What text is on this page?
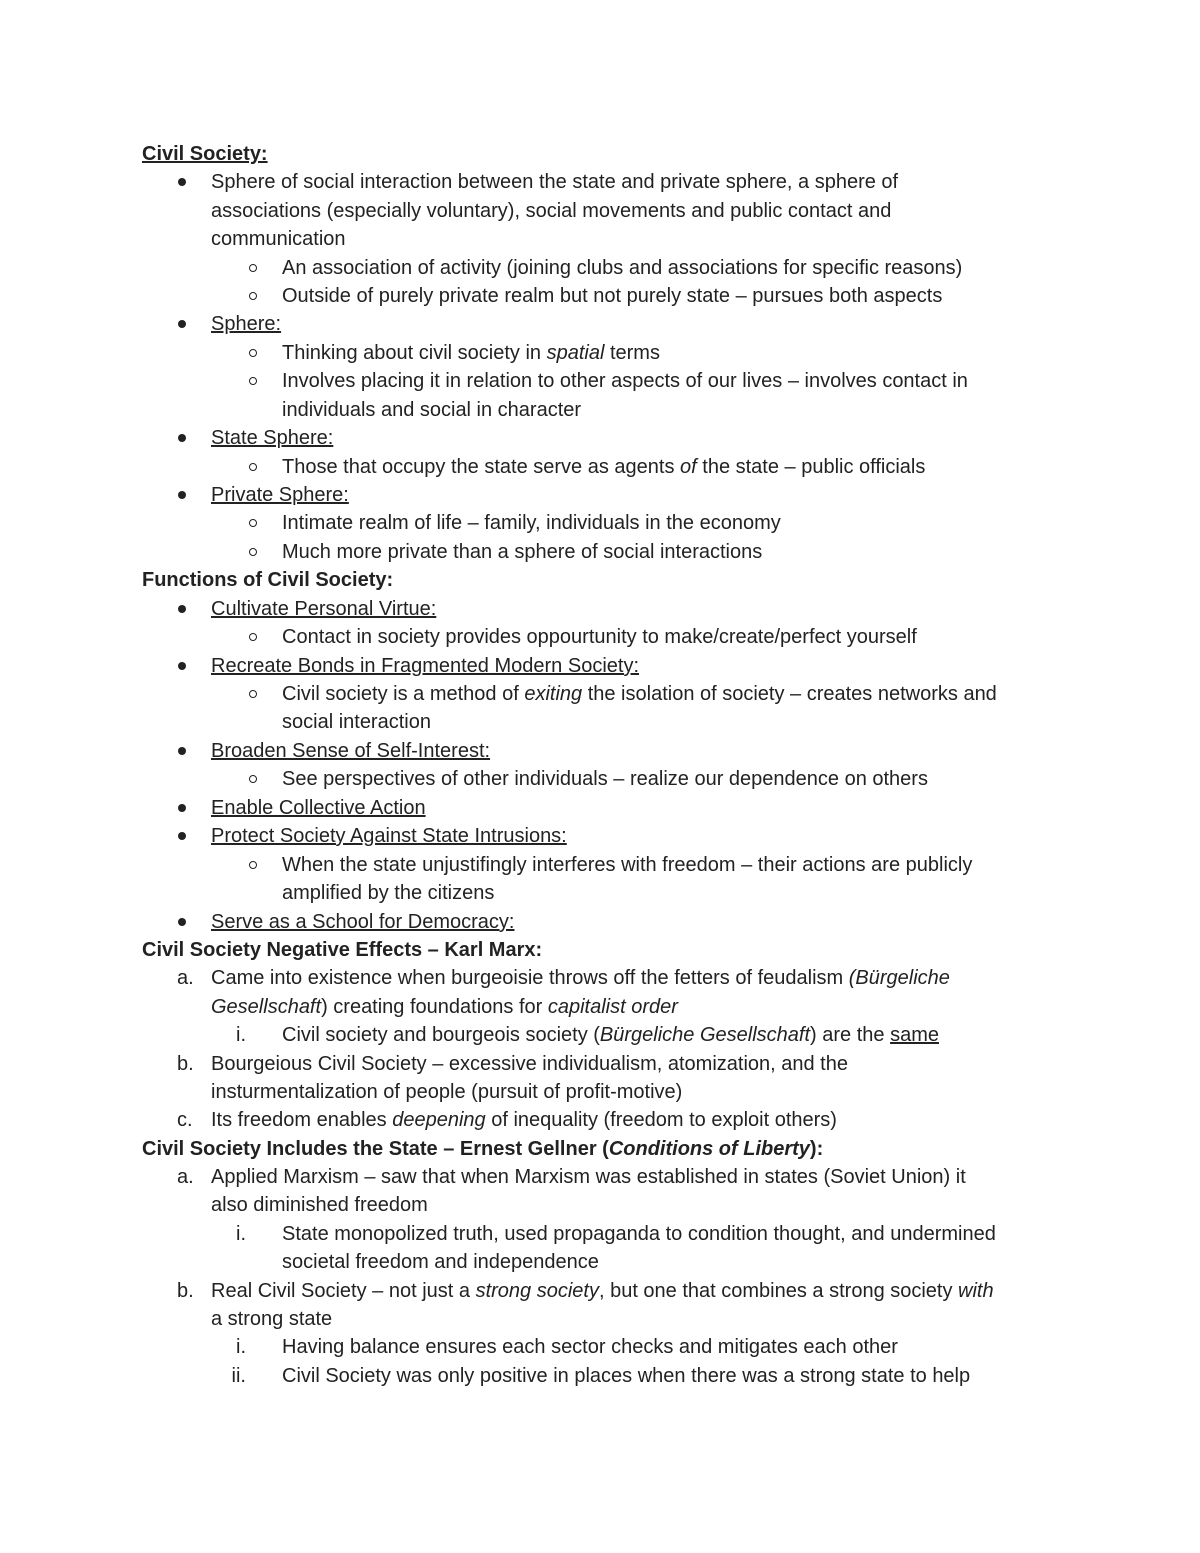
Civil Society:
Sphere of social interaction between the state and private sphere, a sphere of
associations (especially voluntary), social movements and public contact and
communication
An association of activity (joining clubs and associations for specific reasons)
Outside of purely private realm but not purely state – pursues both aspects
Sphere:
Thinking about civil society in spatial terms
Involves placing it in relation to other aspects of our lives – involves contact in
individuals and social in character
State Sphere:
Those that occupy the state serve as agents of the state – public officials
Private Sphere:
Intimate realm of life – family, individuals in the economy
Much more private than a sphere of social interactions
Functions of Civil Society:
Cultivate Personal Virtue:
Contact in society provides oppourtunity to make/create/perfect yourself
Recreate Bonds in Fragmented Modern Society:
Civil society is a method of exiting the isolation of society – creates networks and
social interaction
Broaden Sense of Self-Interest:
See perspectives of other individuals – realize our dependence on others
Enable Collective Action
Protect Society Against State Intrusions:
When the state unjustifingly interferes with freedom – their actions are publicly
amplified by the citizens
Serve as a School for Democracy:
Civil Society Negative Effects – Karl Marx:
a. Came into existence when burgeoisie throws off the fetters of feudalism (Bürgeliche
Gesellschaft) creating foundations for capitalist order
i. Civil society and bourgeois society (Bürgeliche Gesellschaft) are the same
b. Bourgeious Civil Society – excessive individualism, atomization, and the
insturmentalization of people (pursuit of profit-motive)
c. Its freedom enables deepening of inequality (freedom to exploit others)
Civil Society Includes the State – Ernest Gellner (Conditions of Liberty):
a. Applied Marxism – saw that when Marxism was established in states (Soviet Union) it
also diminished freedom
i. State monopolized truth, used propaganda to condition thought, and undermined
societal freedom and independence
b. Real Civil Society – not just a strong society, but one that combines a strong society with
a strong state
i. Having balance ensures each sector checks and mitigates each other
ii. Civil Society was only positive in places when there was a strong state to help
